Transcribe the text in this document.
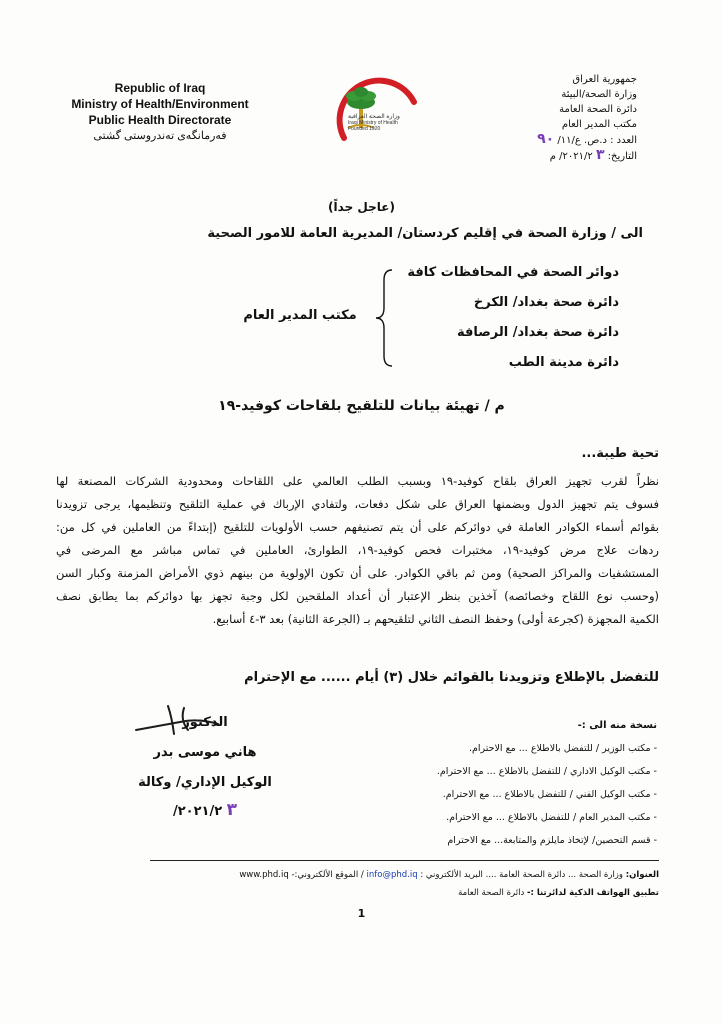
Republic of Iraq
Ministry of Health/Environment
Public Health Directorate
فەرمانگەی تەندروستی گشتی
وزارة الصحة العراقية
Iraqi Ministry of Health
Founded 1920
جمهورية العراق
وزارة الصحة/البيئة
دائرة الصحة العامة
مكتب المدير العام
العدد : د.ص. ع/١١/ ٩٠
التاريخ: ٣ ٢٠٢١/٢/ م
(عاجل جداً)
الى / وزارة الصحة في إقليم كردستان/ المديرية العامة للامور الصحية
دوائر الصحة في المحافظات كافة
دائرة صحة بغداد/ الكرخ
دائرة صحة بغداد/ الرصافة
دائرة مدينة الطب
مكتب المدير العام
م / تهيئة بيانات للتلقيح بلقاحات كوفيد-١٩
تحية طيبة...
نظراً لقرب تجهيز العراق بلقاح كوفيد-١٩ وبسبب الطلب العالمي على اللقاحات ومحدودية الشركات المصنعة لها
فسوف يتم تجهيز الدول وبضمنها العراق على شكل دفعات، ولتفادي الإرباك في عملية التلقيح وتنظيمها، يرجى تزويدنا
بقوائم أسماء الكوادر العاملة في دوائركم على أن يتم تصنيفهم حسب الأولويات للتلقيح (إبتداءً من العاملين في كل من:
ردهات علاج مرض كوفيد-١٩، مختبرات فحص كوفيد-١٩، الطوارئ، العاملين في تماس مباشر مع المرضى في
المستشفيات والمراكز الصحية) ومن ثم باقي الكوادر. على أن تكون الإولوية من بينهم ذوي الأمراض المزمنة وكبار السن
(وحسب نوع اللقاح وخصائصه) آخذين بنظر الإعتبار أن أعداد الملقحين لكل وجبة تجهز بها دوائركم بما يطابق نصف
الكمية المجهزة (كجرعة أولى) وحفظ النصف الثاني لتلقيحهم بـ (الجرعة الثانية) بعد ٣-٤ أسابيع.
للتفضل بالإطلاع وتزويدنا بالقوائم خلال (٣) أيام ...... مع الإحترام
الدكتور
هاني موسى بدر
الوكيل الإداري/ وكالة
٣ ٢٠٢١/٢/
نسخة منه الى :-
- مكتب الوزير / للتفضل بالاطلاع ... مع الاحترام.
- مكتب الوكيل الاداري / للتفضل بالاطلاع ... مع الاحترام.
- مكتب الوكيل الفني / للتفضل بالاطلاع ... مع الاحترام.
- مكتب المدير العام / للتفضل بالاطلاع ... مع الاحترام.
- قسم التحصين/ لإتخاذ مايلزم والمتابعة... مع الاحترام
العنوان: وزارة الصحة ... دائرة الصحة العامة .... البريد الألكتروني : info@phd.iq / الموقع الألكتروني:- www.phd.iq
تطبيق الهواتف الذكية لدائرتنا :- دائرة الصحة العامة
1
